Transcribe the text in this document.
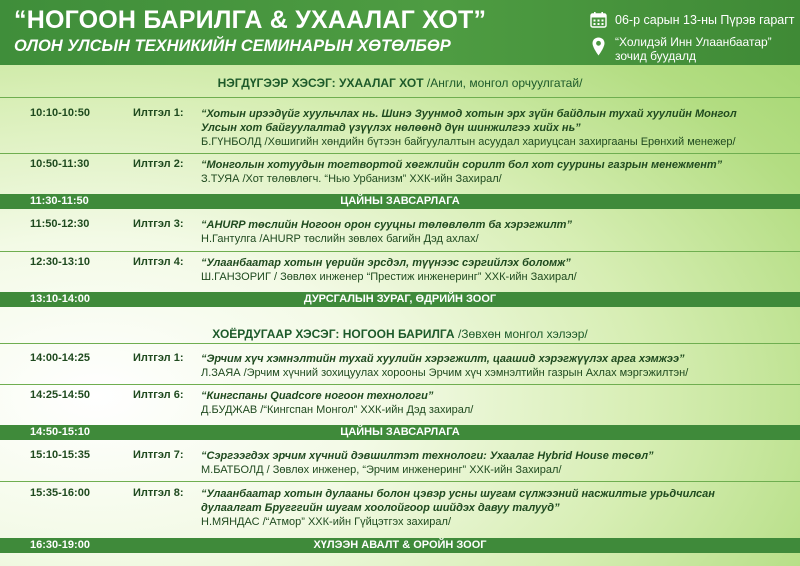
“НОГООН БАРИЛГА & УХААЛАГ ХОТ”
ОЛОН УЛСЫН ТЕХНИКИЙН СЕМИНАРЫН ХӨТӨЛБӨР
06-р сарын 13-ны Пүрэв гарагт
“Холидэй Инн Улаанбаатар”
зочид буудалд
НЭГДҮГЭЭР ХЭСЭГ: УХААЛАГ ХОТ /Англи, монгол орчуулгатай/
10:10-10:50	Илтгэл 1: “Хотын ирээдүйг хуульчлах нь. Шинэ Зуунмод хотын эрх зүйн байдлын тухай хуулийн Монгол
Улсын хот байгуулалтад үзүүлэх нөлөөнд дүн шинжилгээ хийх нь”
Б.ГҮНБОЛД /Хөшигийн хөндийн бүтээн байгуулалтын асуудал хариуцсан захиргааны Ерөнхий менежер/
10:50-11:30	Илтгэл 2: “Монголын хотуудын тогтвортой хөгжлийн сорилт бол хот суурины газрын менежмент”
З.ТУЯА /Хот төлөвлөгч. “Нью Урбанизм” ХХК-ийн Захирал/
11:30-11:50	ЦАЙНЫ ЗАВСАРЛАГА
11:50-12:30	Илтгэл 3: “AHURP төслийн Ногоон орон сууцны төлөвлөлт ба хэрэгжилт”
Н.Гантулга /AHURP төслийн зөвлөх багийн Дэд ахлах/
12:30-13:10	Илтгэл 4: “Улаанбаатар хотын үерийн эрсдэл, түүнээс сэргийлэх боломж”
Ш.ГАНЗОРИГ / Зөвлөх инженер “Престиж инженеринг” ХХК-ийн Захирал/
13:10-14:00	ДУРСГАЛЫН ЗУРАГ, ӨДРИЙН ЗООГ
ХОЁРДУГААР ХЭСЭГ: НОГООН БАРИЛГА /Зөвхөн монгол хэлээр/
14:00-14:25	Илтгэл 1: “Эрчим хүч хэмнэлтийн тухай хуулийн хэрэгжилт, цаашид хэрэгжүүлэх арга хэмжээ”
Л.ЗАЯА /Эрчим хүчний зохицуулах хорооны Эрчим хүч хэмнэлтийн газрын Ахлах мэргэжилтэн/
14:25-14:50	Илтгэл 6: “Кингспаны Quadcore ногоон технологи”
Д.БУДЖАВ /“Кингспан Монгол” ХХК-ийн Дэд захирал/
14:50-15:10	ЦАЙНЫ ЗАВСАРЛАГА
15:10-15:35	Илтгэл 7: “Сэргээгдэх эрчим хүчний дэвшилтэт технологи: Ухаалаг Hybrid House төсөл”
М.БАТБОЛД / Зөвлөх инженер, “Эрчим инженеринг” ХХК-ийн Захирал/
15:35-16:00	Илтгэл 8: “Улаанбаатар хотын дулааны болон цэвэр усны шугам сүлжээний насжилтыг урьдчилсан
дулаалгат Бругггийн шугам хоолойгоор шийдэх давуу талууд”
Н.МЯНДАС /“Атмор” ХХК-ийн Гүйцэтгэх захирал/
16:30-19:00	ХҮЛЭЭН АВАЛТ & ОРОЙН ЗООГ
